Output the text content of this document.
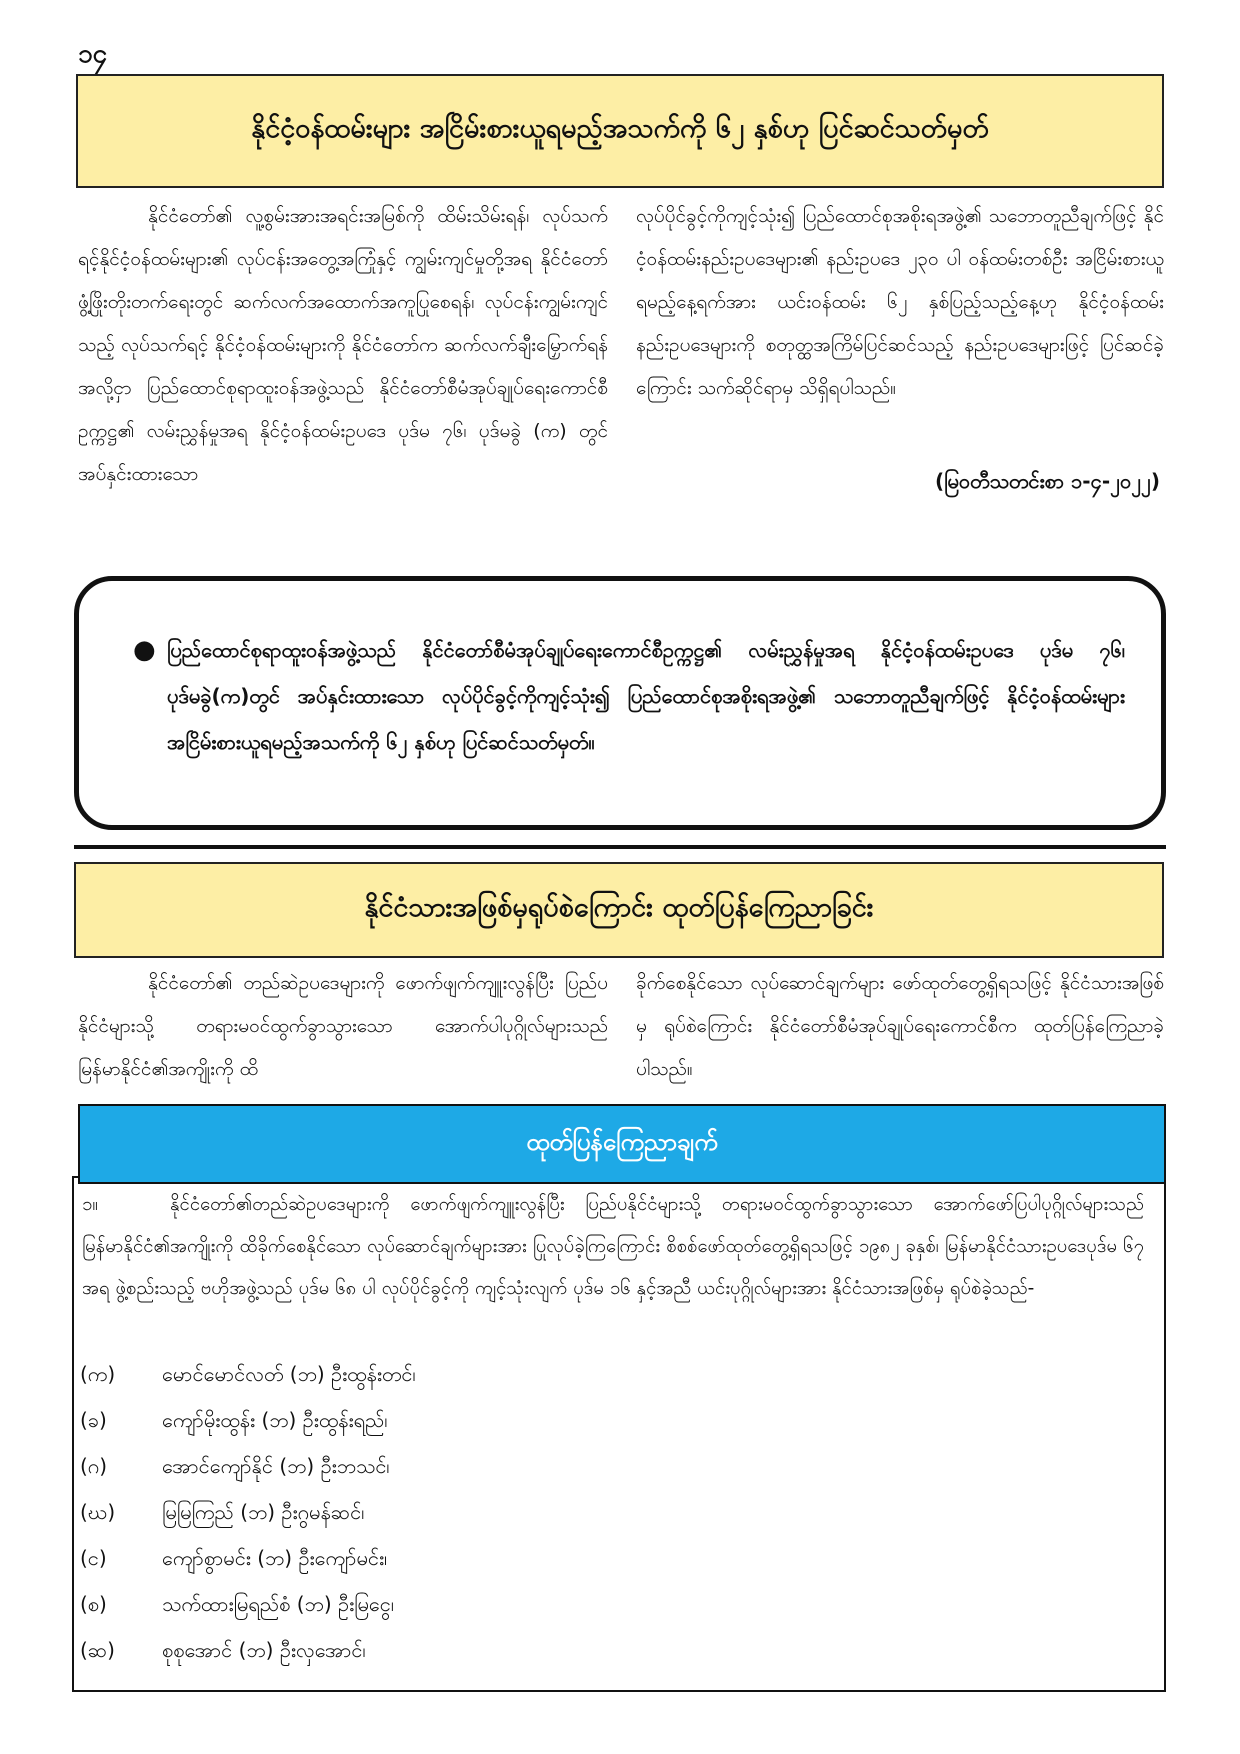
၁၄
နိုင်ငံ့ဝန်ထမ်းများ အငြိမ်းစားယူရမည့်အသက်ကို ၆၂ နှစ်ဟု ပြင်ဆင်သတ်မှတ်

နိုင်ငံတော်၏ လူ့စွမ်းအားအရင်းအမြစ်ကို ထိမ်းသိမ်းရန်၊ လုပ်သက်ရင့်နိုင်ငံ့ဝန်ထမ်းများ၏ လုပ်ငန်းအတွေ့အကြုံနှင့် ကျွမ်းကျင်မှုတို့အရ နိုင်ငံတော်ဖွံ့ဖြိုးတိုးတက်ရေးတွင် ဆက်လက်အထောက်အကူပြုစေရန်၊ လုပ်ငန်းကျွမ်းကျင်သည့် လုပ်သက်ရင့် နိုင်ငံ့ဝန်ထမ်းများကို နိုင်ငံတော်က ဆက်လက်ချီးမြှောက်ရန်အလို့ငှာ ပြည်ထောင်စုရာထူးဝန်အဖွဲ့သည် နိုင်ငံတော်စီမံအုပ်ချုပ်ရေးကောင်စီဥက္ကဋ္ဌ၏ လမ်းညွှန်မှုအရ နိုင်ငံ့ဝန်ထမ်းဥပဒေ ပုဒ်မ ၇၆၊ ပုဒ်မခွဲ (က) တွင် အပ်နှင်းထားသော

လုပ်ပိုင်ခွင့်ကိုကျင့်သုံး၍ ပြည်ထောင်စုအစိုးရအဖွဲ့၏ သဘောတူညီချက်ဖြင့် နိုင်ငံ့ဝန်ထမ်းနည်းဥပဒေများ၏ နည်းဥပဒေ ၂၃၀ ပါ ဝန်ထမ်းတစ်ဦး အငြိမ်းစားယူရမည့်နေ့ရက်အား ယင်းဝန်ထမ်း ၆၂ နှစ်ပြည့်သည့်နေ့ဟု နိုင်ငံ့ဝန်ထမ်းနည်းဥပဒေများကို စတုတ္ထအကြိမ်ပြင်ဆင်သည့် နည်းဥပဒေများဖြင့် ပြင်ဆင်ခဲ့ကြောင်း သက်ဆိုင်ရာမှ သိရှိရပါသည်။

(မြဝတီသတင်းစာ ၁-၄-၂၀၂၂)
● ပြည်ထောင်စုရာထူးဝန်အဖွဲ့သည် နိုင်ငံတော်စီမံအုပ်ချုပ်ရေးကောင်စီဥက္ကဋ္ဌ၏ လမ်းညွှန်မှုအရ နိုင်ငံ့ဝန်ထမ်းဥပဒေ ပုဒ်မ ၇၆၊ ပုဒ်မခွဲ(က)တွင် အပ်နှင်းထားသော လုပ်ပိုင်ခွင့်ကိုကျင့်သုံး၍ ပြည်ထောင်စုအစိုးရအဖွဲ့၏ သဘောတူညီချက်ဖြင့် နိုင်ငံ့ဝန်ထမ်းများ အငြိမ်းစားယူရမည့်အသက်ကို ၆၂ နှစ်ဟု ပြင်ဆင်သတ်မှတ်။
နိုင်ငံသားအဖြစ်မှရုပ်စဲကြောင်း ထုတ်ပြန်ကြေညာခြင်း

နိုင်ငံတော်၏ တည်ဆဲဥပဒေများကို ဖောက်ဖျက်ကျူးလွန်ပြီး ပြည်ပနိုင်ငံများသို့ တရားမဝင်ထွက်ခွာသွားသော အောက်ပါပုဂ္ဂိုလ်များသည် မြန်မာနိုင်ငံ၏အကျိုးကို ထိ

ခိုက်စေနိုင်သော လုပ်ဆောင်ချက်များ ဖော်ထုတ်တွေ့ရှိရသဖြင့် နိုင်ငံသားအဖြစ်မှ ရုပ်စဲကြောင်း နိုင်ငံတော်စီမံအုပ်ချုပ်ရေးကောင်စီက ထုတ်ပြန်ကြေညာခဲ့ပါသည်။

၁။	နိုင်ငံတော်၏တည်ဆဲဥပဒေများကို ဖောက်ဖျက်ကျူးလွန်ပြီး ပြည်ပနိုင်ငံများသို့ တရားမဝင်ထွက်ခွာသွားသော အောက်ဖော်ပြပါပုဂ္ဂိုလ်များသည် မြန်မာနိုင်ငံ၏အကျိုးကို ထိခိုက်စေနိုင်သော လုပ်ဆောင်ချက်များအား ပြုလုပ်ခဲ့ကြကြောင်း စိစစ်ဖော်ထုတ်တွေ့ရှိရသဖြင့် ၁၉၈၂ ခုနှစ်၊ မြန်မာနိုင်ငံသားဥပဒေပုဒ်မ ၆၇ အရ ဖွဲ့စည်းသည့် ဗဟိုအဖွဲ့သည် ပုဒ်မ ၆၈ ပါ လုပ်ပိုင်ခွင့်ကို ကျင့်သုံးလျက် ပုဒ်မ ၁၆ နှင့်အညီ ယင်းပုဂ္ဂိုလ်များအား နိုင်ငံသားအဖြစ်မှ ရုပ်စဲခဲ့သည်-
(က)	မောင်မောင်လတ် (ဘ) ဦးထွန်းတင်၊
(ခ)	ကျော်မိုးထွန်း (ဘ) ဦးထွန်းရည်၊
(ဂ)	အောင်ကျော်နိုင် (ဘ) ဦးဘသင်၊
(ဃ)	မြမြကြည် (ဘ) ဦးဂွမန်ဆင်၊
(င)	ကျော်စွာမင်း (ဘ) ဦးကျော်မင်း၊
(စ)	သက်ထားမြရည်စံ (ဘ) ဦးမြငွေ၊
(ဆ)	စုစုအောင် (ဘ) ဦးလှအောင်၊
ထုတ်ပြန်ကြေညာချက်
